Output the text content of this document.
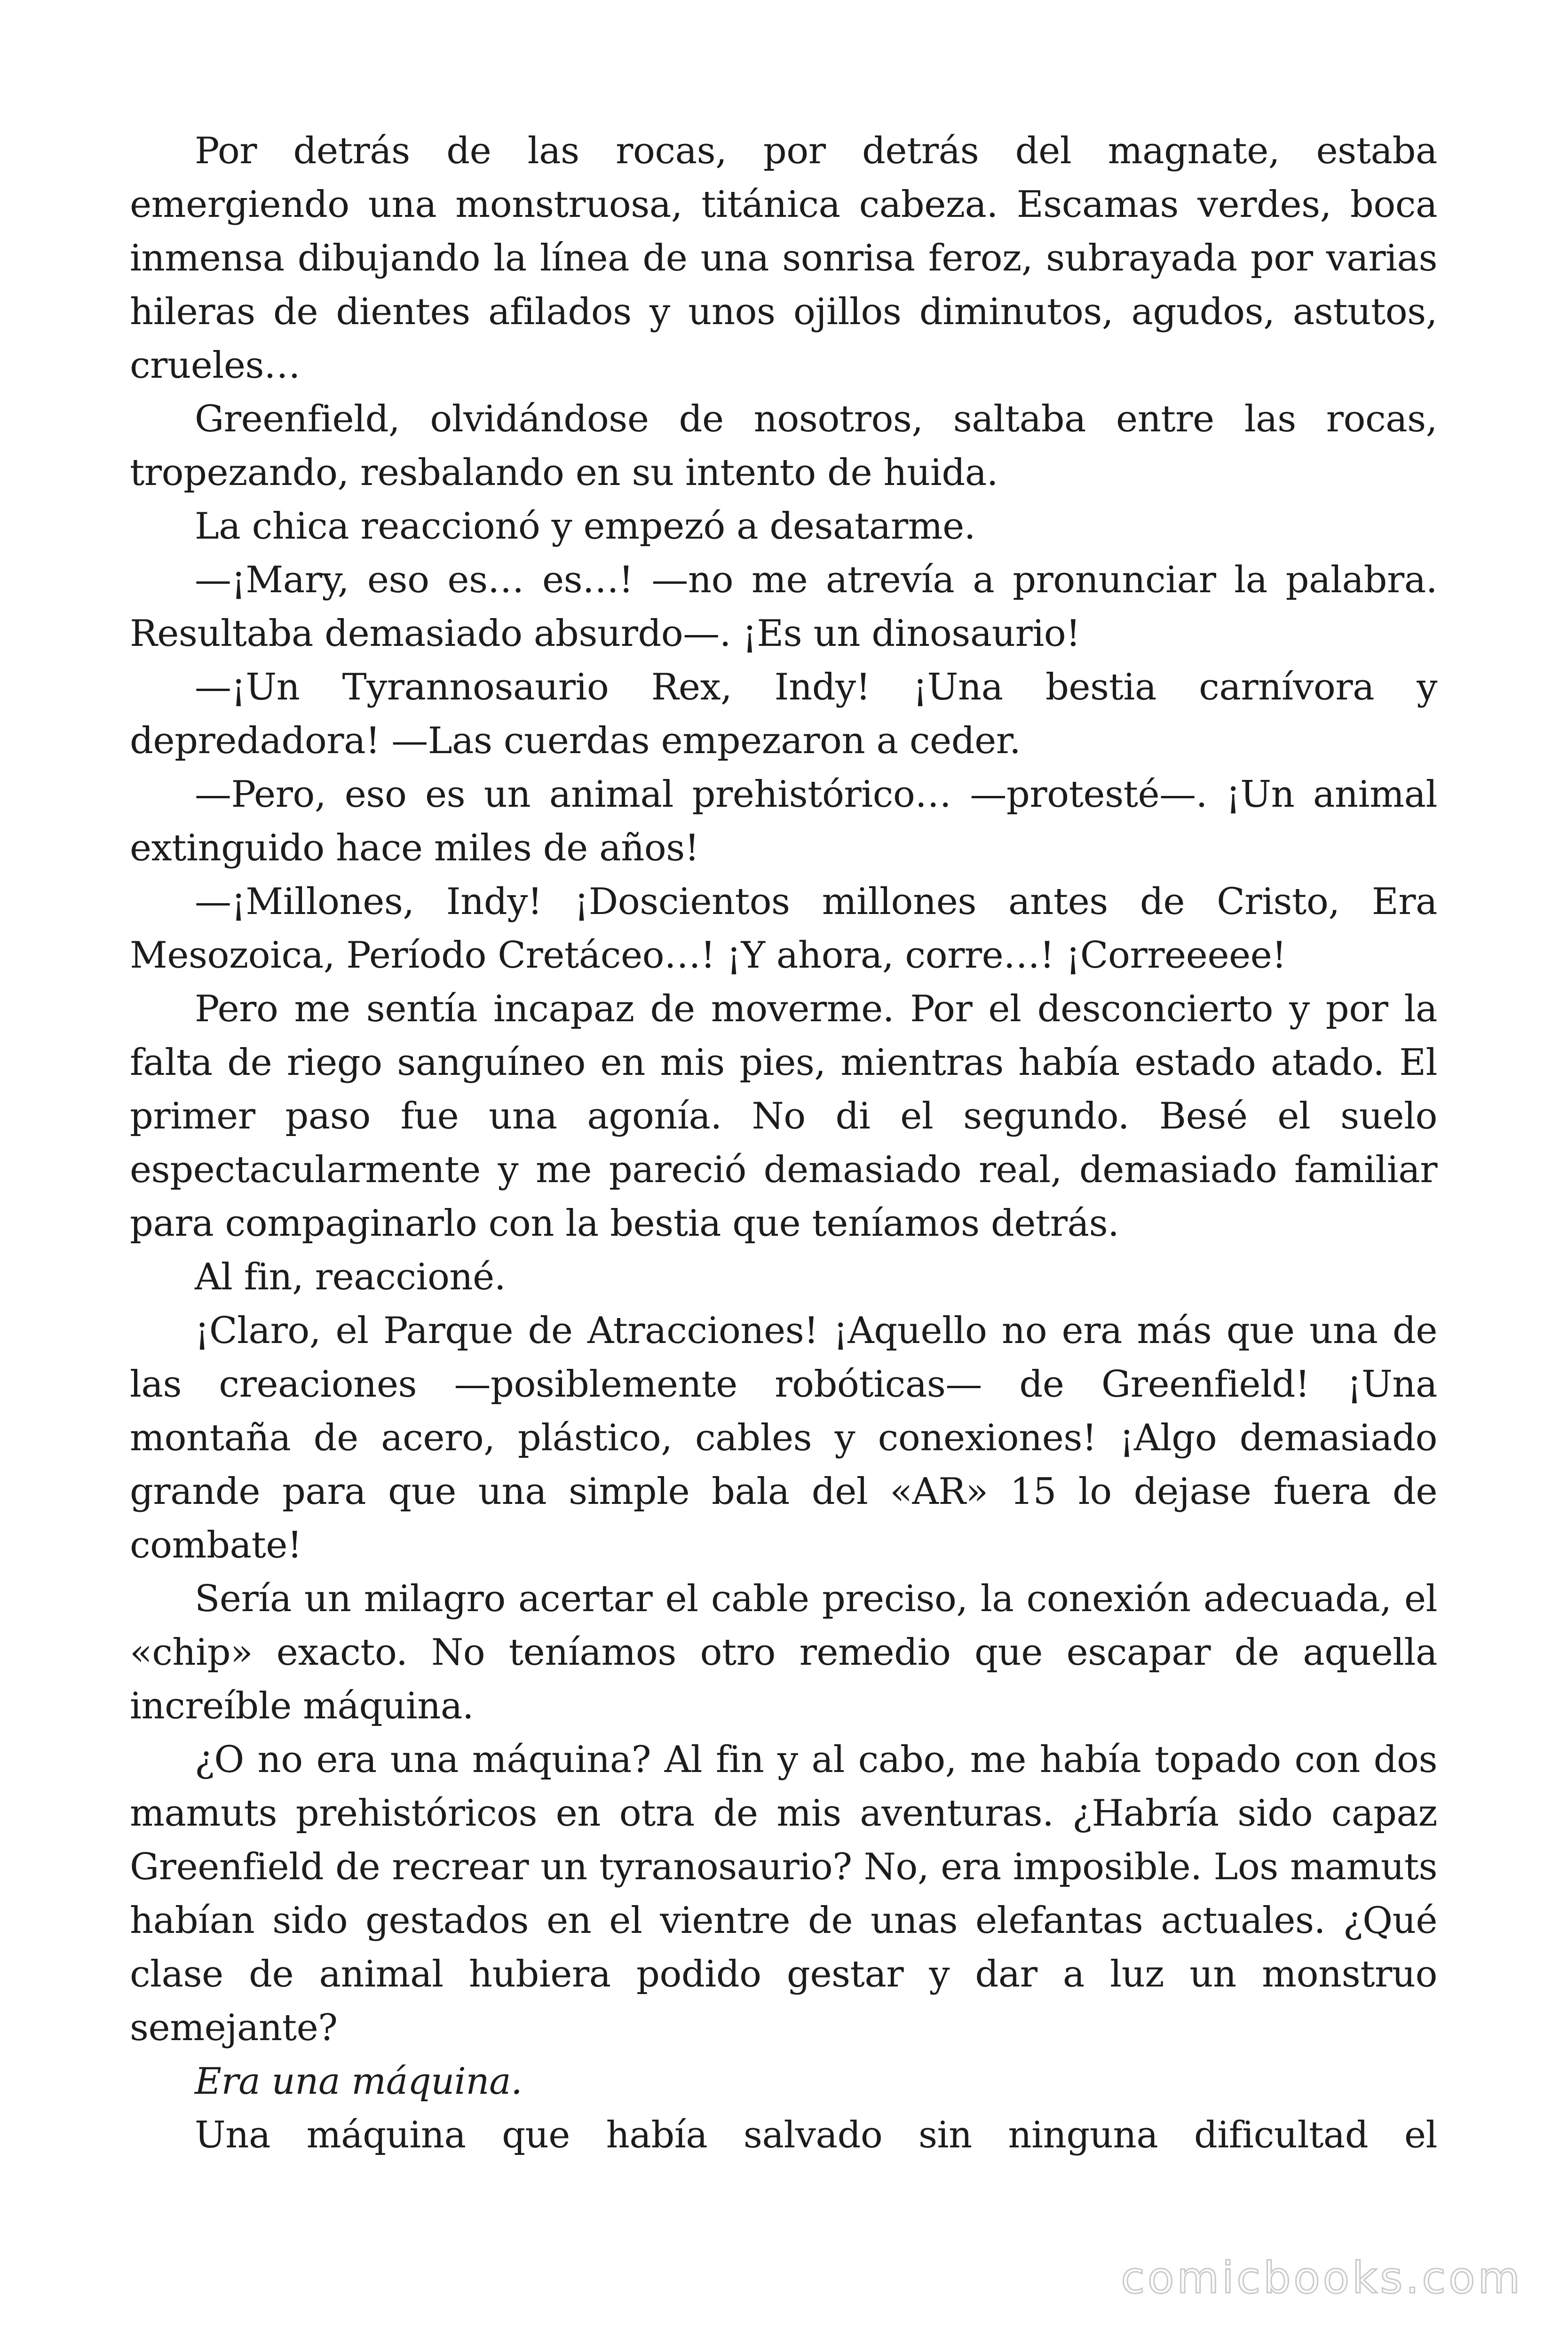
Por detrás de las rocas, por detrás del magnate, estaba emergiendo una monstruosa, titánica cabeza. Escamas verdes, boca inmensa dibujando la línea de una sonrisa feroz, subrayada por varias hileras de dientes afilados y unos ojillos diminutos, agudos, astutos, crueles…

Greenfield, olvidándose de nosotros, saltaba entre las rocas, tropezando, resbalando en su intento de huida.

La chica reaccionó y empezó a desatarme.

—¡Mary, eso es… es…! —no me atrevía a pronunciar la palabra. Resultaba demasiado absurdo—. ¡Es un dinosaurio!

—¡Un Tyrannosaurio Rex, Indy! ¡Una bestia carnívora y depredadora! —Las cuerdas empezaron a ceder.

—Pero, eso es un animal prehistórico… —protesté—. ¡Un animal extinguido hace miles de años!

—¡Millones, Indy! ¡Doscientos millones antes de Cristo, Era Mesozoica, Período Cretáceo…! ¡Y ahora, corre…! ¡Correeeee!

Pero me sentía incapaz de moverme. Por el desconcierto y por la falta de riego sanguíneo en mis pies, mientras había estado atado. El primer paso fue una agonía. No di el segundo. Besé el suelo espectacularmente y me pareció demasiado real, demasiado familiar para compaginarlo con la bestia que teníamos detrás.

Al fin, reaccioné.

¡Claro, el Parque de Atracciones! ¡Aquello no era más que una de las creaciones —posiblemente robóticas— de Greenfield! ¡Una montaña de acero, plástico, cables y conexiones! ¡Algo demasiado grande para que una simple bala del «AR» 15 lo dejase fuera de combate!

Sería un milagro acertar el cable preciso, la conexión adecuada, el «chip» exacto. No teníamos otro remedio que escapar de aquella increíble máquina.

¿O no era una máquina? Al fin y al cabo, me había topado con dos mamuts prehistóricos en otra de mis aventuras. ¿Habría sido capaz Greenfield de recrear un tyranosaurio? No, era imposible. Los mamuts habían sido gestados en el vientre de unas elefantas actuales. ¿Qué clase de animal hubiera podido gestar y dar a luz un monstruo semejante?

Era una máquina.

Una máquina que había salvado sin ninguna dificultad el

comicbooks.com
